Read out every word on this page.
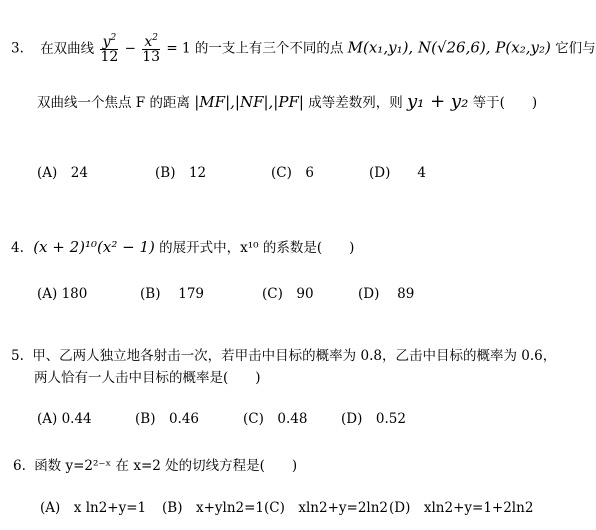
3. 在双曲线 $\frac{y^2}{12} - \frac{x^2}{13} = 1$ 的一支上有三个不同的点 M(x₁,y₁), N(√26,6), P(x₂,y₂) 它们与
双曲线一个焦点 F 的距离 |MF|,|NF|,|PF| 成等差数列，则 y₁ + y₂ 等于(　　)
(A)　24	(B)　12	(C)　6	(D)　　4
4. (x + 2)¹⁰(x² − 1) 的展开式中，x¹⁰ 的系数是(　　)
(A) 180	(B)　 179	(C)　90	(D)　 89
5. 甲、乙两人独立地各射击一次，若甲击中目标的概率为 0.8，乙击中目标的概率为 0.6，
两人恰有一人击中目标的概率是(　　)
(A) 0.44	(B)　0.46	(C)　0.48 (D)　0.52
6. 函数 y=2²⁻ˣ 在 x=2 处的切线方程是(　　)
(A)　x ln2+y=1 (B)　x+yln2=1 (C)　xln2+y=2ln2 (D)　xln2+y=1+2ln2
